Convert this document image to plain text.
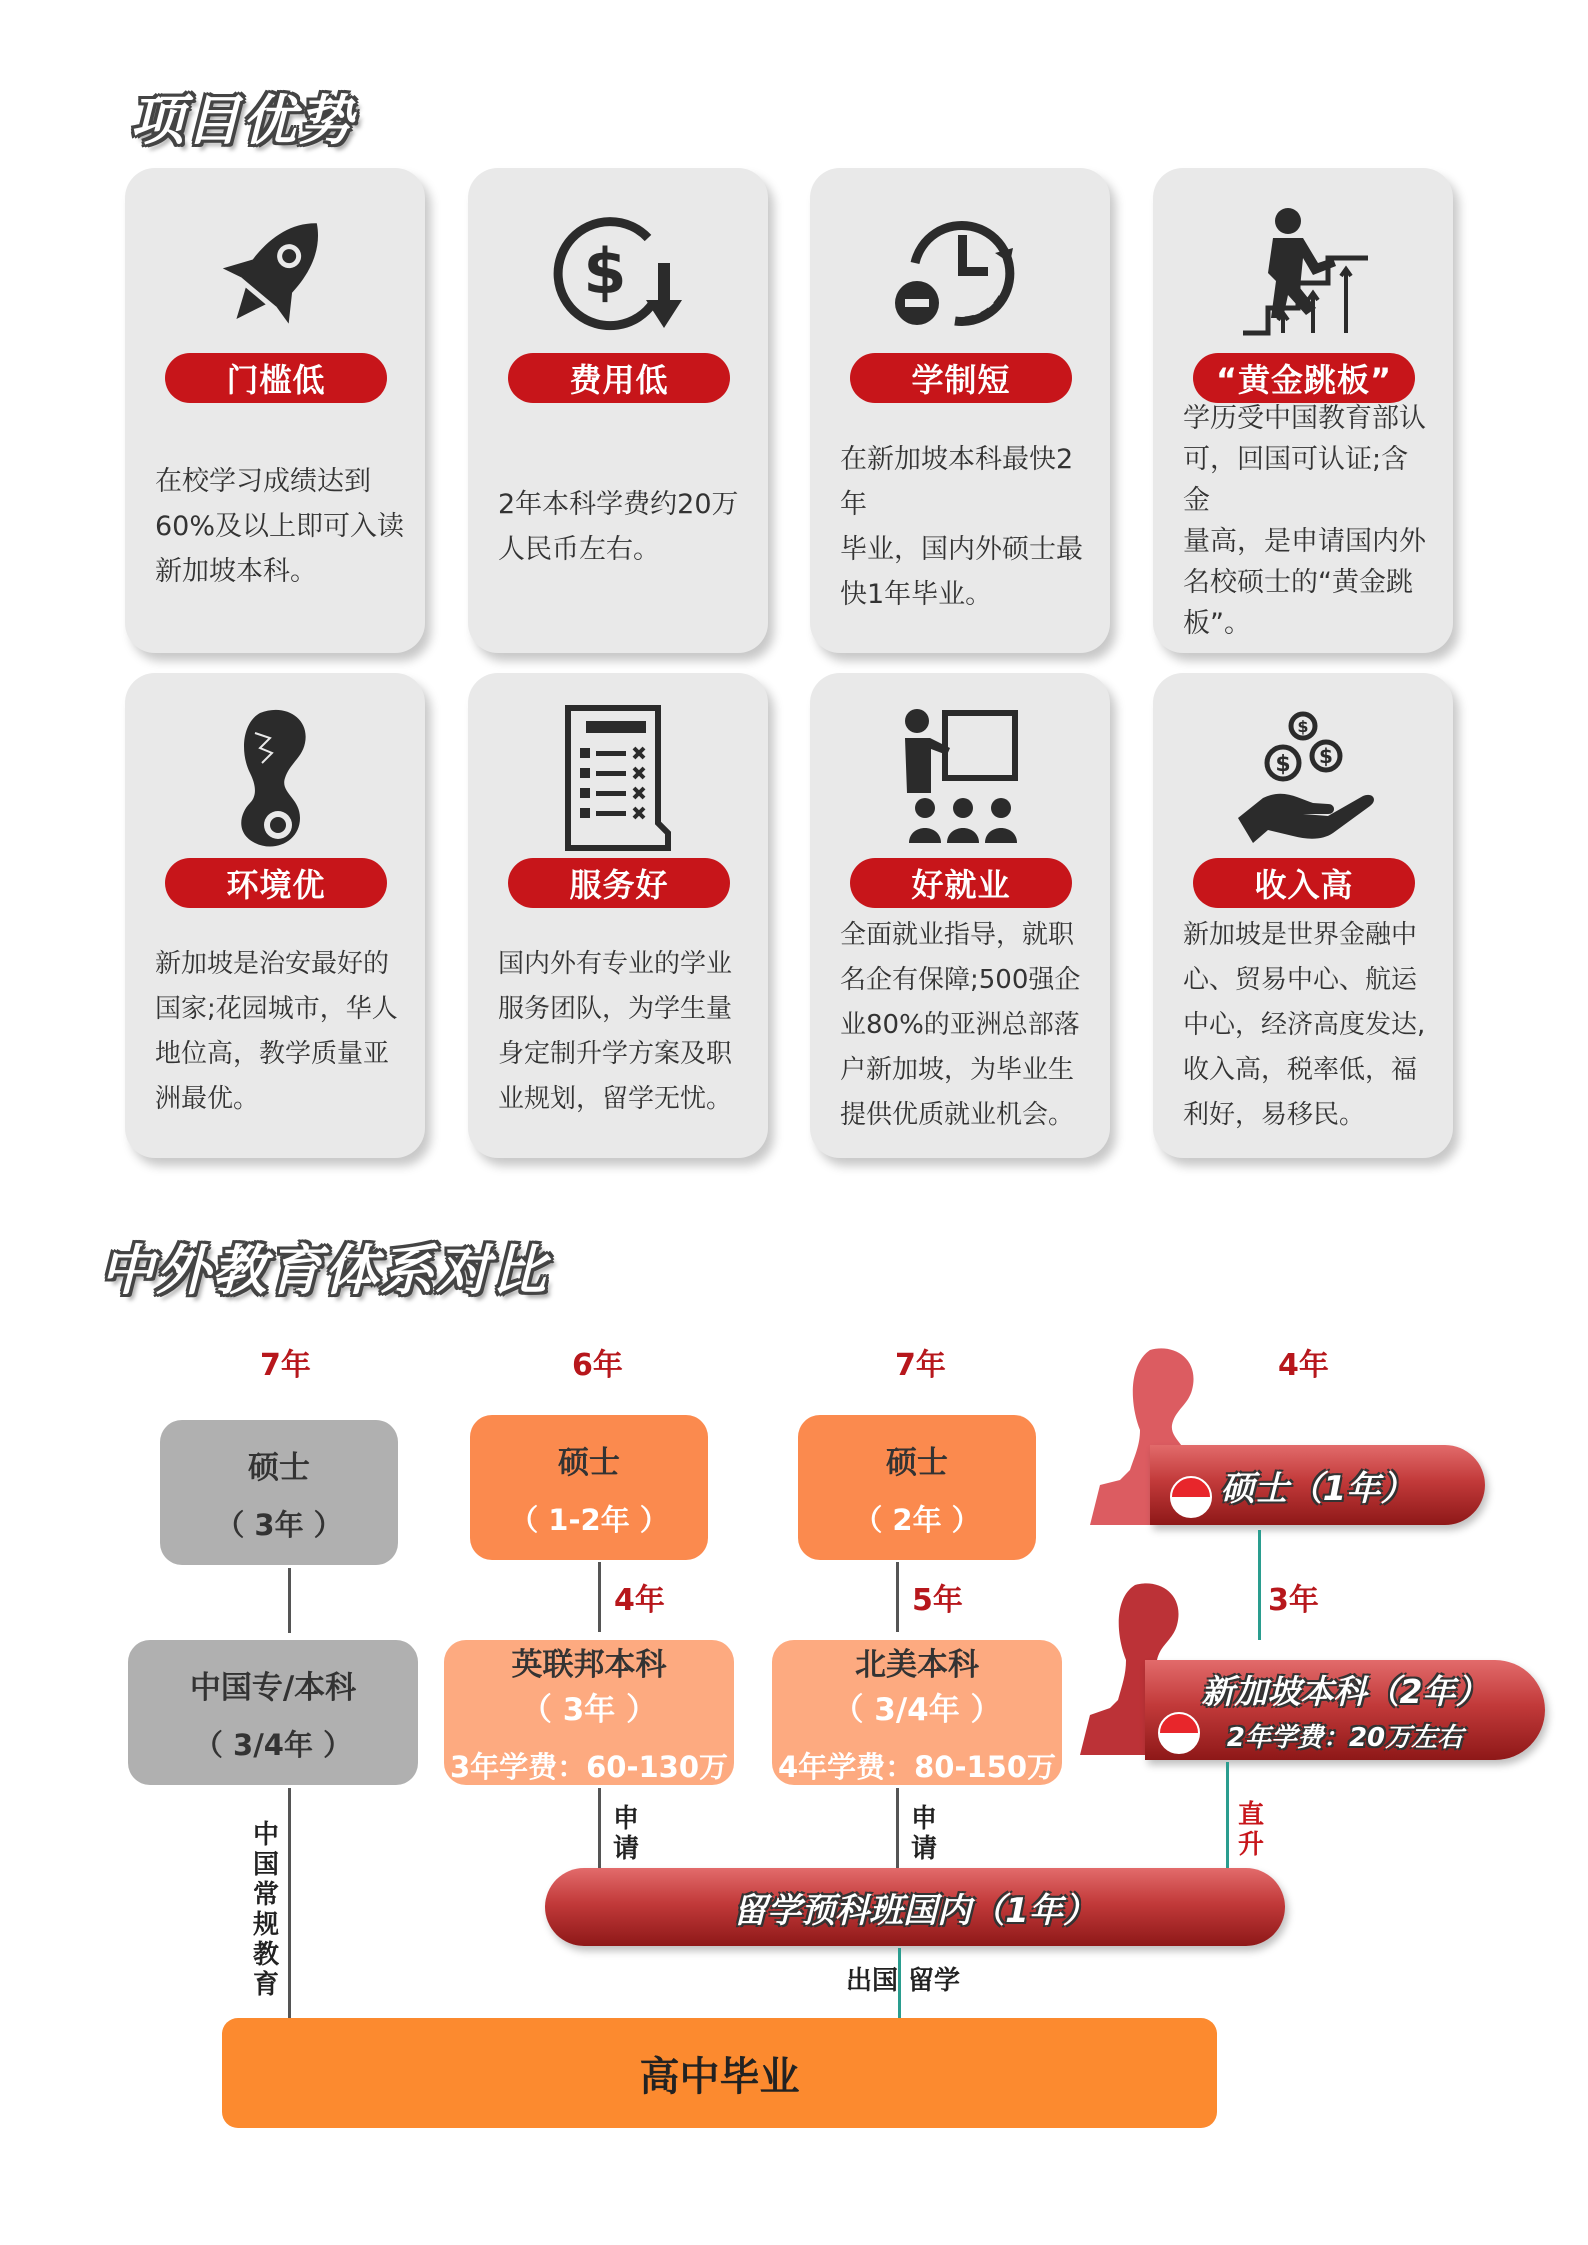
项目优势
门槛低
在校学习成绩达到
60%及以上即可入读
新加坡本科。
$
费用低
2年本科学费约20万
人民币左右。
学制短
在新加坡本科最快2年
毕业，国内外硕士最
快1年毕业。
“黄金跳板”
学历受中国教育部认
可，回国可认证;含金
量高，是申请国内外
名校硕士的“黄金跳
板”。
环境优
新加坡是治安最好的
国家;花园城市，华人
地位高，教学质量亚
洲最优。
服务好
国内外有专业的学业
服务团队，为学生量
身定制升学方案及职
业规划，留学无忧。
好就业
全面就业指导，就职
名企有保障;500强企
业80%的亚洲总部落
户新加坡，为毕业生
提供优质就业机会。
$
$ $
收入高
新加坡是世界金融中
心、贸易中心、航运
中心，经济高度发达,
收入高，税率低，福
利好，易移民。
中外教育体系对比
7年	6年	7年	4年
硕士
（ 3年 ）
硕士
（ 1-2年 ）
硕士
（ 2年 ）
硕士（1年）
4年	5年	3年
中国专/本科
（ 3/4年 ）
英联邦本科（ 3年 ）
3年学费：60-130万
北美本科（ 3/4年 ）
4年学费：80-150万
新加坡本科（2年）
2年学费：20万左右
申请
申请
直升
中国常规教育
留学预科班国内（1年）
出国 留学
高中毕业
